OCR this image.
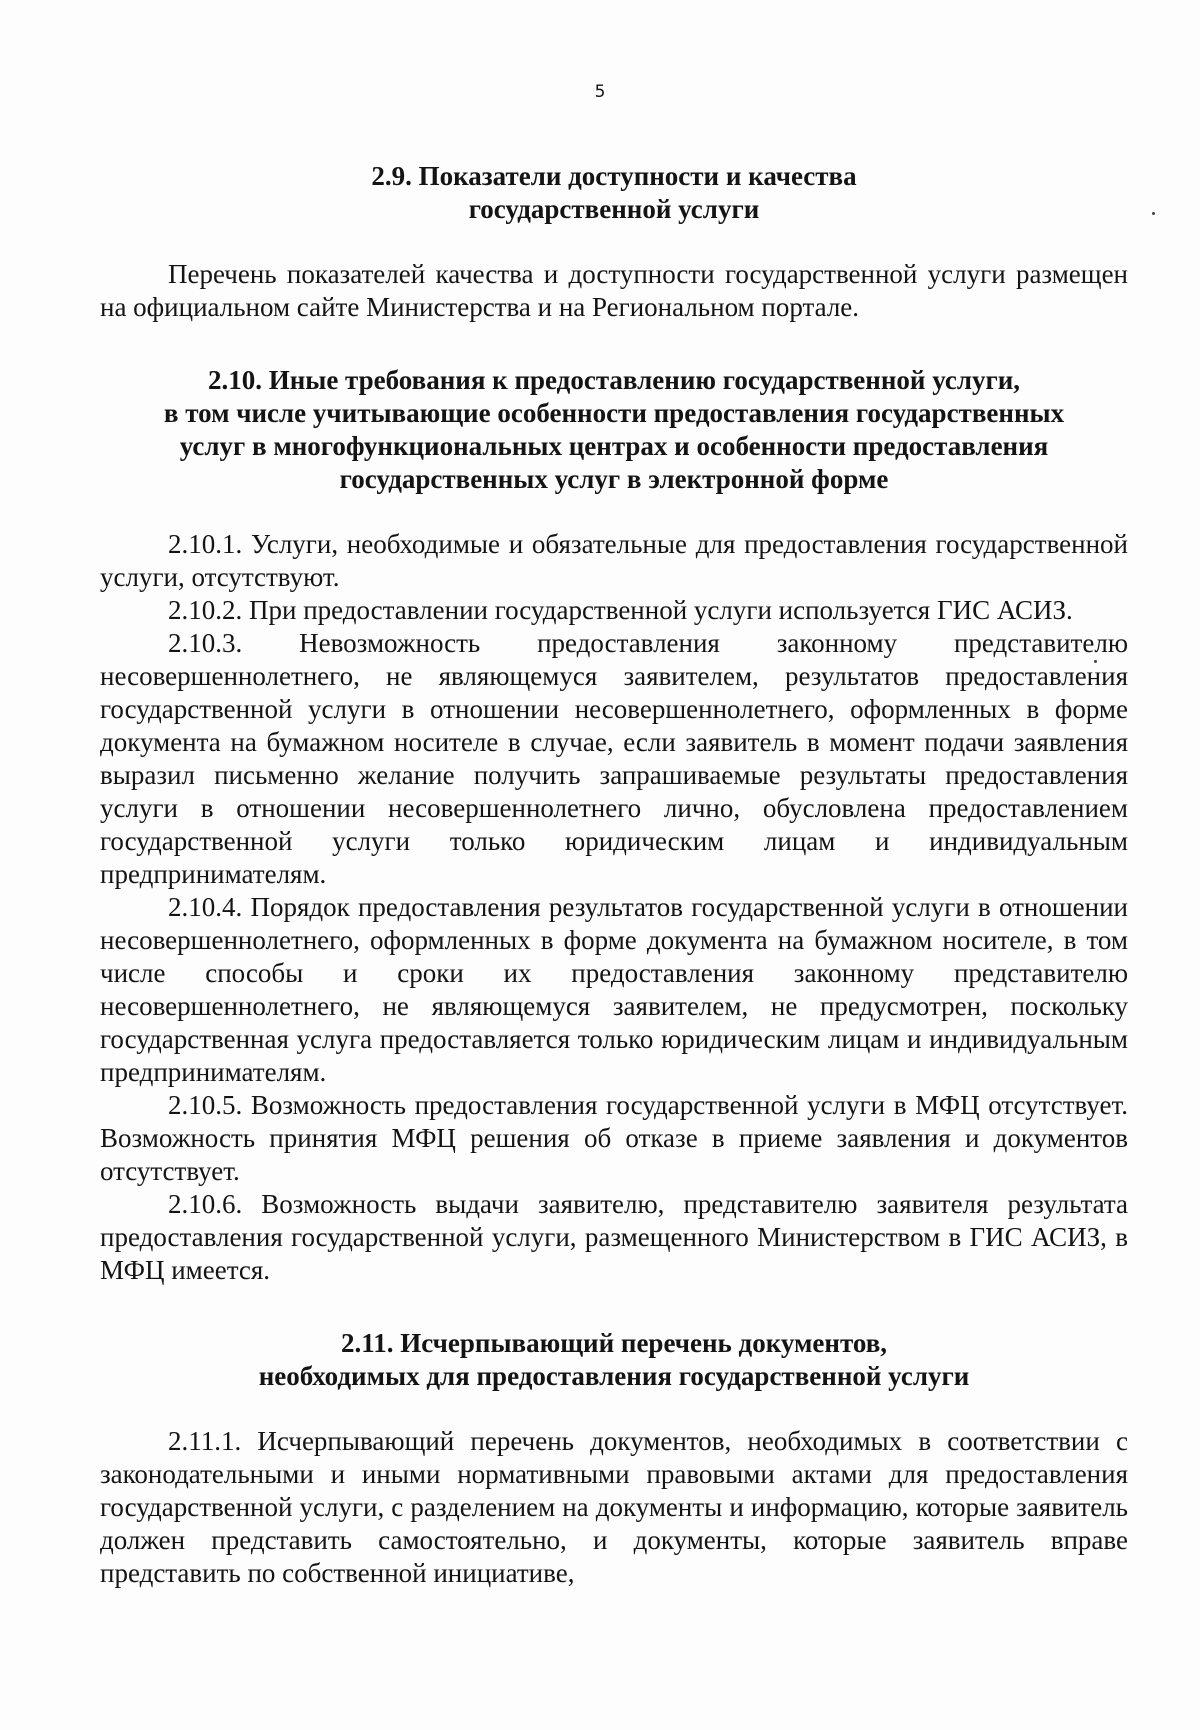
5
2.9. Показатели доступности и качества
государственной услуги

Перечень показателей качества и доступности государственной услуги размещен на официальном сайте Министерства и на Региональном портале.

2.10. Иные требования к предоставлению государственной услуги,
в том числе учитывающие особенности предоставления государственных
услуг в многофункциональных центрах и особенности предоставления
государственных услуг в электронной форме

2.10.1. Услуги, необходимые и обязательные для предоставления государственной услуги, отсутствуют.

2.10.2. При предоставлении государственной услуги используется ГИС АСИЗ.

2.10.3. Невозможность предоставления законному представителю несовершеннолетнего, не являющемуся заявителем, результатов предоставления государственной услуги в отношении несовершеннолетнего, оформленных в форме документа на бумажном носителе в случае, если заявитель в момент подачи заявления выразил письменно желание получить запрашиваемые результаты предоставления услуги в отношении несовершеннолетнего лично, обусловлена предоставлением государственной услуги только юридическим лицам и индивидуальным предпринимателям.

2.10.4. Порядок предоставления результатов государственной услуги в отношении несовершеннолетнего, оформленных в форме документа на бумажном носителе, в том числе способы и сроки их предоставления законному представителю несовершеннолетнего, не являющемуся заявителем, не предусмотрен, поскольку государственная услуга предоставляется только юридическим лицам и индивидуальным предпринимателям.

2.10.5. Возможность предоставления государственной услуги в МФЦ отсутствует. Возможность принятия МФЦ решения об отказе в приеме заявления и документов отсутствует.

2.10.6. Возможность выдачи заявителю, представителю заявителя результата предоставления государственной услуги, размещенного Министерством в ГИС АСИЗ, в МФЦ имеется.

2.11. Исчерпывающий перечень документов,
необходимых для предоставления государственной услуги

2.11.1. Исчерпывающий перечень документов, необходимых в соответствии с законодательными и иными нормативными правовыми актами для предоставления государственной услуги, с разделением на документы и информацию, которые заявитель должен представить самостоятельно, и документы, которые заявитель вправе представить по собственной инициативе,
